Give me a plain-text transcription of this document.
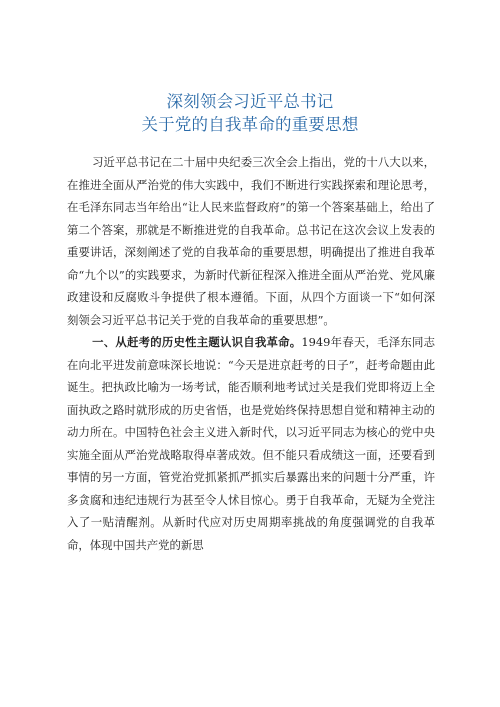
深刻领会习近平总书记
关于党的自我革命的重要思想

习近平总书记在二十届中央纪委三次全会上指出，党的十八大以来，在推进全面从严治党的伟大实践中，我们不断进行实践探索和理论思考，在毛泽东同志当年给出“让人民来监督政府”的第一个答案基础上，给出了第二个答案，那就是不断推进党的自我革命。总书记在这次会议上发表的重要讲话，深刻阐述了党的自我革命的重要思想，明确提出了推进自我革命“九个以”的实践要求，为新时代新征程深入推进全面从严治党、党风廉政建设和反腐败斗争提供了根本遵循。下面，从四个方面谈一下“如何深刻领会习近平总书记关于党的自我革命的重要思想”。

一、从赶考的历史性主题认识自我革命。1949年春天，毛泽东同志在向北平进发前意味深长地说：“今天是进京赶考的日子”，赶考命题由此诞生。把执政比喻为一场考试，能否顺利地考试过关是我们党即将迈上全面执政之路时就形成的历史省悟，也是党始终保持思想自觉和精神主动的动力所在。中国特色社会主义进入新时代，以习近平同志为核心的党中央实施全面从严治党战略取得卓著成效。但不能只看成绩这一面，还要看到事情的另一方面，管党治党抓紧抓严抓实后暴露出来的问题十分严重，许多贪腐和违纪违规行为甚至令人怵目惊心。勇于自我革命，无疑为全党注入了一贴清醒剂。从新时代应对历史周期率挑战的角度强调党的自我革命，体现中国共产党的新思
